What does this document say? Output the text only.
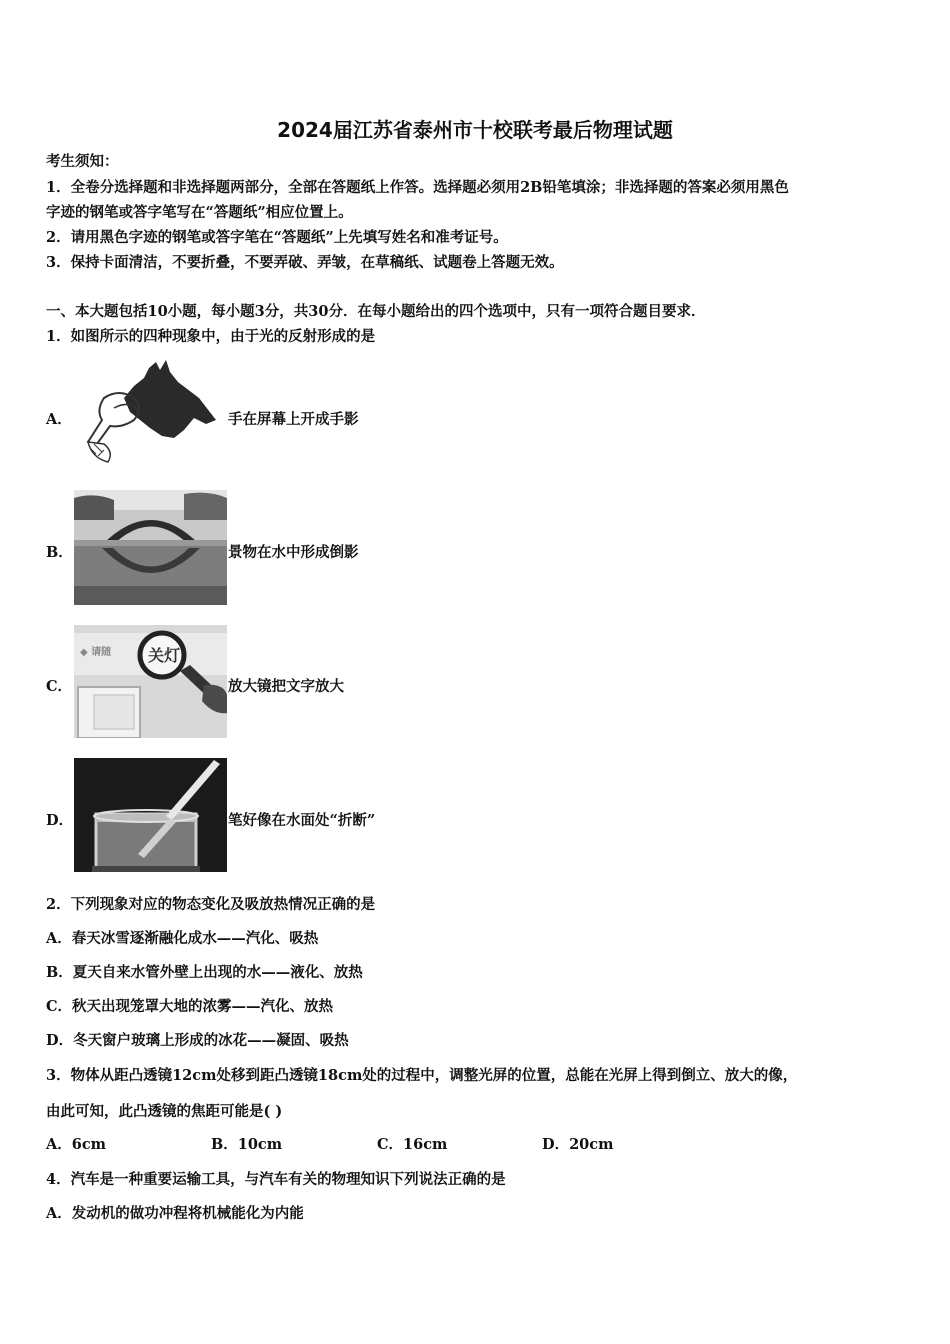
2024届江苏省泰州市十校联考最后物理试题
考生须知：
1．全卷分选择题和非选择题两部分，全部在答题纸上作答。选择题必须用2B铅笔填涂；非选择题的答案必须用黑色
字迹的钢笔或答字笔写在“答题纸”相应位置上。
2．请用黑色字迹的钢笔或答字笔在“答题纸”上先填写姓名和准考证号。
3．保持卡面清洁，不要折叠，不要弄破、弄皱，在草稿纸、试题卷上答题无效。
一、本大题包括10小题，每小题3分，共30分．在每小题给出的四个选项中，只有一项符合题目要求．
1．如图所示的四种现象中，由于光的反射形成的是
A．	手在屏幕上开成手影
B．	景物在水中形成倒影
C．
◆ 请随 关灯
放大镜把文字放大
D．	笔好像在水面处“折断”
2．下列现象对应的物态变化及吸放热情况正确的是
A．春天冰雪逐渐融化成水——汽化、吸热
B．夏天自来水管外壁上出现的水——液化、放热
C．秋天出现笼罩大地的浓雾——汽化、放热
D．冬天窗户玻璃上形成的冰花——凝固、吸热
3．物体从距凸透镜12cm处移到距凸透镜18cm处的过程中，调整光屏的位置，总能在光屏上得到倒立、放大的像，
由此可知，此凸透镜的焦距可能是( )
A．6cm	B．10cm	C．16cm	D．20cm
4．汽车是一种重要运输工具，与汽车有关的物理知识下列说法正确的是
A．发动机的做功冲程将机械能化为内能
